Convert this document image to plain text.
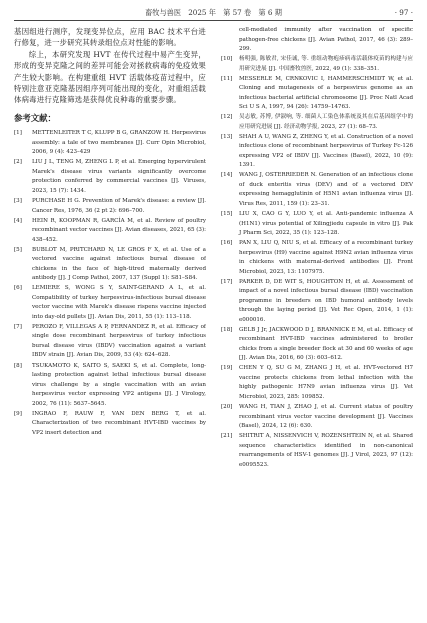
畜牧与兽医　2025 年　第 57 卷　第 6 期	· 97 ·

基因组进行测序，发现变异位点，应用 BAC 技术平台进行修复，进一步研究其转录组位点对性能的影响。

综上，本研究发现 HVT 在传代过程中易产生变异，形成的变异克隆之间的差异可能会对拯救病毒的免疫效果产生较大影响。在构建重组 HVT 活载体疫苗过程中，应特别注意亚克隆基因组序列可能出现的变化，对重组活载体病毒进行克隆筛选是获得优良种毒的重要步骤。

参考文献：
[1]	METTENLEITER T C, KLUPP B G, GRANZOW H. Herpesvirus assembly: a tale of two membranes [J]. Curr Opin Microbiol, 2006, 9 (4): 423–429
[2]	LIU J L, TENG M, ZHENG L P, et al. Emerging hypervirulent Marek's disease virus variants significantly overcome protection conferred by commercial vaccines [J]. Viruses, 2023, 15 (7): 1434.
[3]	PURCHASE H G. Prevention of Marek's disease: a review [J]. Cancer Res, 1976, 36 (2 pt 2): 696–700.
[4]	HEIN R, KOOPMAN R, GARCÍA M, et al. Review of poultry recombinant vector vaccines [J]. Avian diseases, 2021, 65 (3): 438–452.
[5]	BUBLOT M, PRITCHARD N, LE GROS F X, et al. Use of a vectored vaccine against infectious bursal disease of chickens in the face of high-titred maternally derived antibody [J]. J Comp Pathol, 2007, 137 (Suppl 1): S81–S84.
[6]	LEMIERE S, WONG S Y, SAINT-GERAND A L, et al. Compatibility of turkey herpesvirus-infectious bursal disease vector vaccine with Marek's disease rispens vaccine injected into day-old pullets [J]. Avian Dis, 2011, 55 (1): 113–118.
[7]	PEROZO F, VILLEGAS A P, FERNANDEZ R, et al. Efficacy of single dose recombinant herpesvirus of turkey infectious bursal disease virus (IBDV) vaccination against a variant IBDV strain [J]. Avian Dis, 2009, 53 (4): 624–628.
[8]	TSUKAMOTO K, SAITO S, SAEKI S, et al. Complete, long-lasting protection against lethal infectious bursal disease virus challenge by a single vaccination with an avian herpesvirus vector expressing VP2 antigens [J]. J Virology, 2002, 76 (11): 5637–5645.
[9]	INGRAO F, RAUW F, VAN DEN BERG T, et al. Characterization of two recombinant HVT-IBD vaccines by VP2 insert detection and
cell-mediated immunity after vaccination of specific pathogen-free chickens [J]. Avian Pathol, 2017, 46 (3): 289–299.
[10]	杨明强, 陈敏君, 宋佳诚, 等. 重组动物疱疹病毒活载体疫苗的构建与应用研究进展 [J]. 中国畜牧兽医, 2022, 49 (1): 338–351.
[11]	MESSERLE M, CRNKOVIC I, HAMMERSCHMIDT W, et al. Cloning and mutagenesis of a herpesvirus genome as an infectious bacterial artificial chromosome [J]. Proc Natl Acad Sci U S A, 1997, 94 (26): 14759–14763.
[12]	吴志敏, 苏博, 伊淑响, 等. 细菌人工染色体系统及其在后基因组学中的应用研究进展 [J]. 经济动物学报, 2023, 27 (1): 68–73.
[13]	SHAH A U, WANG Z, ZHENG Y, et al. Construction of a novel infectious clone of recombinant herpesvirus of Turkey Fc-126 expressing VP2 of IBDV [J]. Vaccines (Basel), 2022, 10 (9): 1391.
[14]	WANG J, OSTERRIEDER N. Generation of an infectious clone of duck enteritis virus (DEV) and of a vectored DEV expressing hemagglutinin of H5N1 avian influenza virus [J]. Virus Res, 2011, 159 (1): 23–31.
[15]	LIU X, CAO G Y, LUO Y, et al. Anti-pandemic influenza A (H1N1) virus potential of Xilingjiedu capsule in vitro [J]. Pak J Pharm Sci, 2022, 35 (1): 123–128.
[16]	PAN X, LIU Q, NIU S, et al. Efficacy of a recombinant turkey herpesvirus (H9) vaccine against H9N2 avian influenza virus in chickens with maternal-derived antibodies [J]. Front Microbiol, 2023, 13: 1107975.
[17]	PARKER D, DE WIT S, HOUGHTON H, et al. Assessment of impact of a novel infectious bursal disease (IBD) vaccination programme in breeders on IBD humoral antibody levels through the laying period [J]. Vet Rec Open, 2014, 1 (1): e000016.
[18]	GELB J Jr, JACKWOOD D J, BRANNICK E M, et al. Efficacy of recombinant HVT-IBD vaccines administered to broiler chicks from a single breeder flock at 30 and 60 weeks of age [J]. Avian Dis, 2016, 60 (3): 603–612.
[19]	CHEN Y Q, SU G M, ZHANG J H, et al. HVT-vectored H7 vaccine protects chickens from lethal infection with the highly pathogenic H7N9 avian influenza virus [J]. Vet Microbiol, 2023, 285: 109852.
[20]	WANG H, TIAN J, ZHAO J, et al. Current status of poultry recombinant virus vector vaccine development [J]. Vaccines (Basel), 2024, 12 (6): 630.
[21]	SHITRIT A, NISSENVICH V, ROZENSHTEIN N, et al. Shared sequence characteristics identified in non-canonical rearrangements of HSV-1 genomes [J]. J Virol, 2023, 97 (12): e0095523.
